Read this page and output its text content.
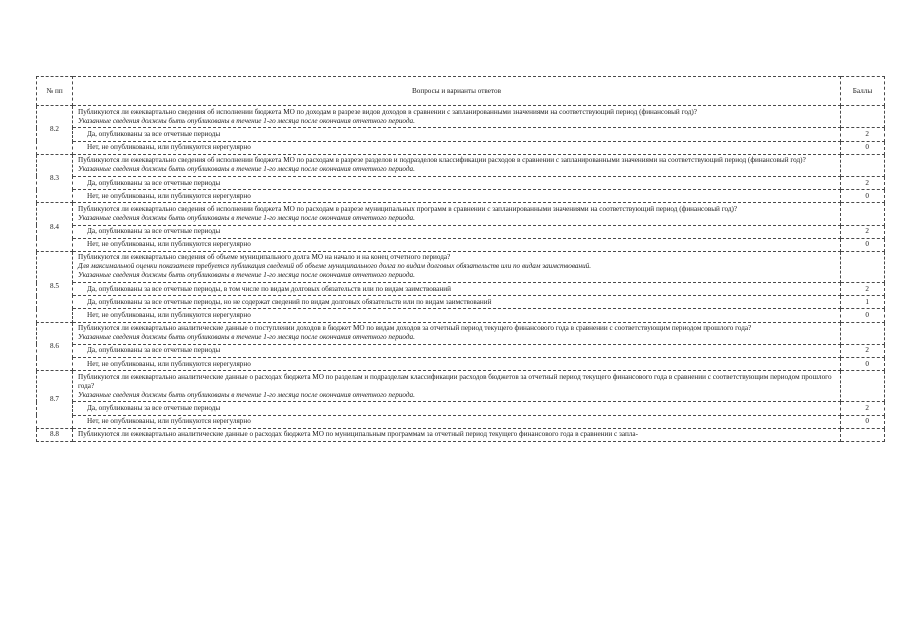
№ пп	Вопросы и варианты ответов	Баллы
8.2	Публикуются ли ежеквартально сведения об исполнении бюджета МО по доходам в разрезе видов доходов в сравнении с запланированными значениями на соответствующий период (финансовый год)?
Указанные сведения должны быть опубликованы в течение 1-го месяца после окончания отчетного периода.	

	Да, опубликованы за все отчетные периоды	2
	Нет, не опубликованы, или публикуются нерегулярно	0
8.3	Публикуются ли ежеквартально сведения об исполнении бюджета МО по расходам в разрезе разделов и подразделов классификации расходов в сравнении с запланированными значениями на соответствующий период (финансовый год)?
Указанные сведения должны быть опубликованы в течение 1-го месяца после окончания отчетного периода.	

	Да, опубликованы за все отчетные периоды	2
	Нет, не опубликованы, или публикуются нерегулярно	0
8.4	Публикуются ли ежеквартально сведения об исполнении бюджета МО по расходам в разрезе муниципальных программ в сравнении с запланированными значениями на соответствующий период (финансовый год)?
Указанные сведения должны быть опубликованы в течение 1-го месяца после окончания отчетного периода.	

	Да, опубликованы за все отчетные периоды	2
	Нет, не опубликованы, или публикуются нерегулярно	0
8.5	Публикуются ли ежеквартально сведения об объеме муниципального долга МО на начало и на конец отчетного периода?
Для максимальной оценки показателя требуется публикация сведений об объеме муниципального долга по видам долговых обязательств или по видам заимствований.
Указанные сведения должны быть опубликованы в течение 1-го месяца после окончания отчетного периода.	

	Да, опубликованы за все отчетные периоды, в том числе по видам долговых обязательств или по видам заимствований	2
	Да, опубликованы за все отчетные периоды, но не содержат сведений по видам долговых обязательств или по видам заимствований	1
	Нет, не опубликованы, или публикуются нерегулярно	0
8.6	Публикуются ли ежеквартально аналитические данные о поступлении доходов в бюджет МО по видам доходов за отчетный период текущего финансового года в сравнении с соответствующим периодом прошлого года?
Указанные сведения должны быть опубликованы в течение 1-го месяца после окончания отчетного периода.	

	Да, опубликованы за все отчетные периоды	2
	Нет, не опубликованы, или публикуются нерегулярно	0
8.7	Публикуются ли ежеквартально аналитические данные о расходах бюджета МО по разделам и подразделам классификации расходов бюджетов за отчетный период текущего финансового года в сравнении с соответствующим периодом прошлого года?
Указанные сведения должны быть опубликованы в течение 1-го месяца после окончания отчетного периода.	

	Да, опубликованы за все отчетные периоды	2
	Нет, не опубликованы, или публикуются нерегулярно	0
8.8	Публикуются ли ежеквартально аналитические данные о расходах бюджета МО по муниципальным программам за отчетный период текущего финансового года в сравнении с запла-	
